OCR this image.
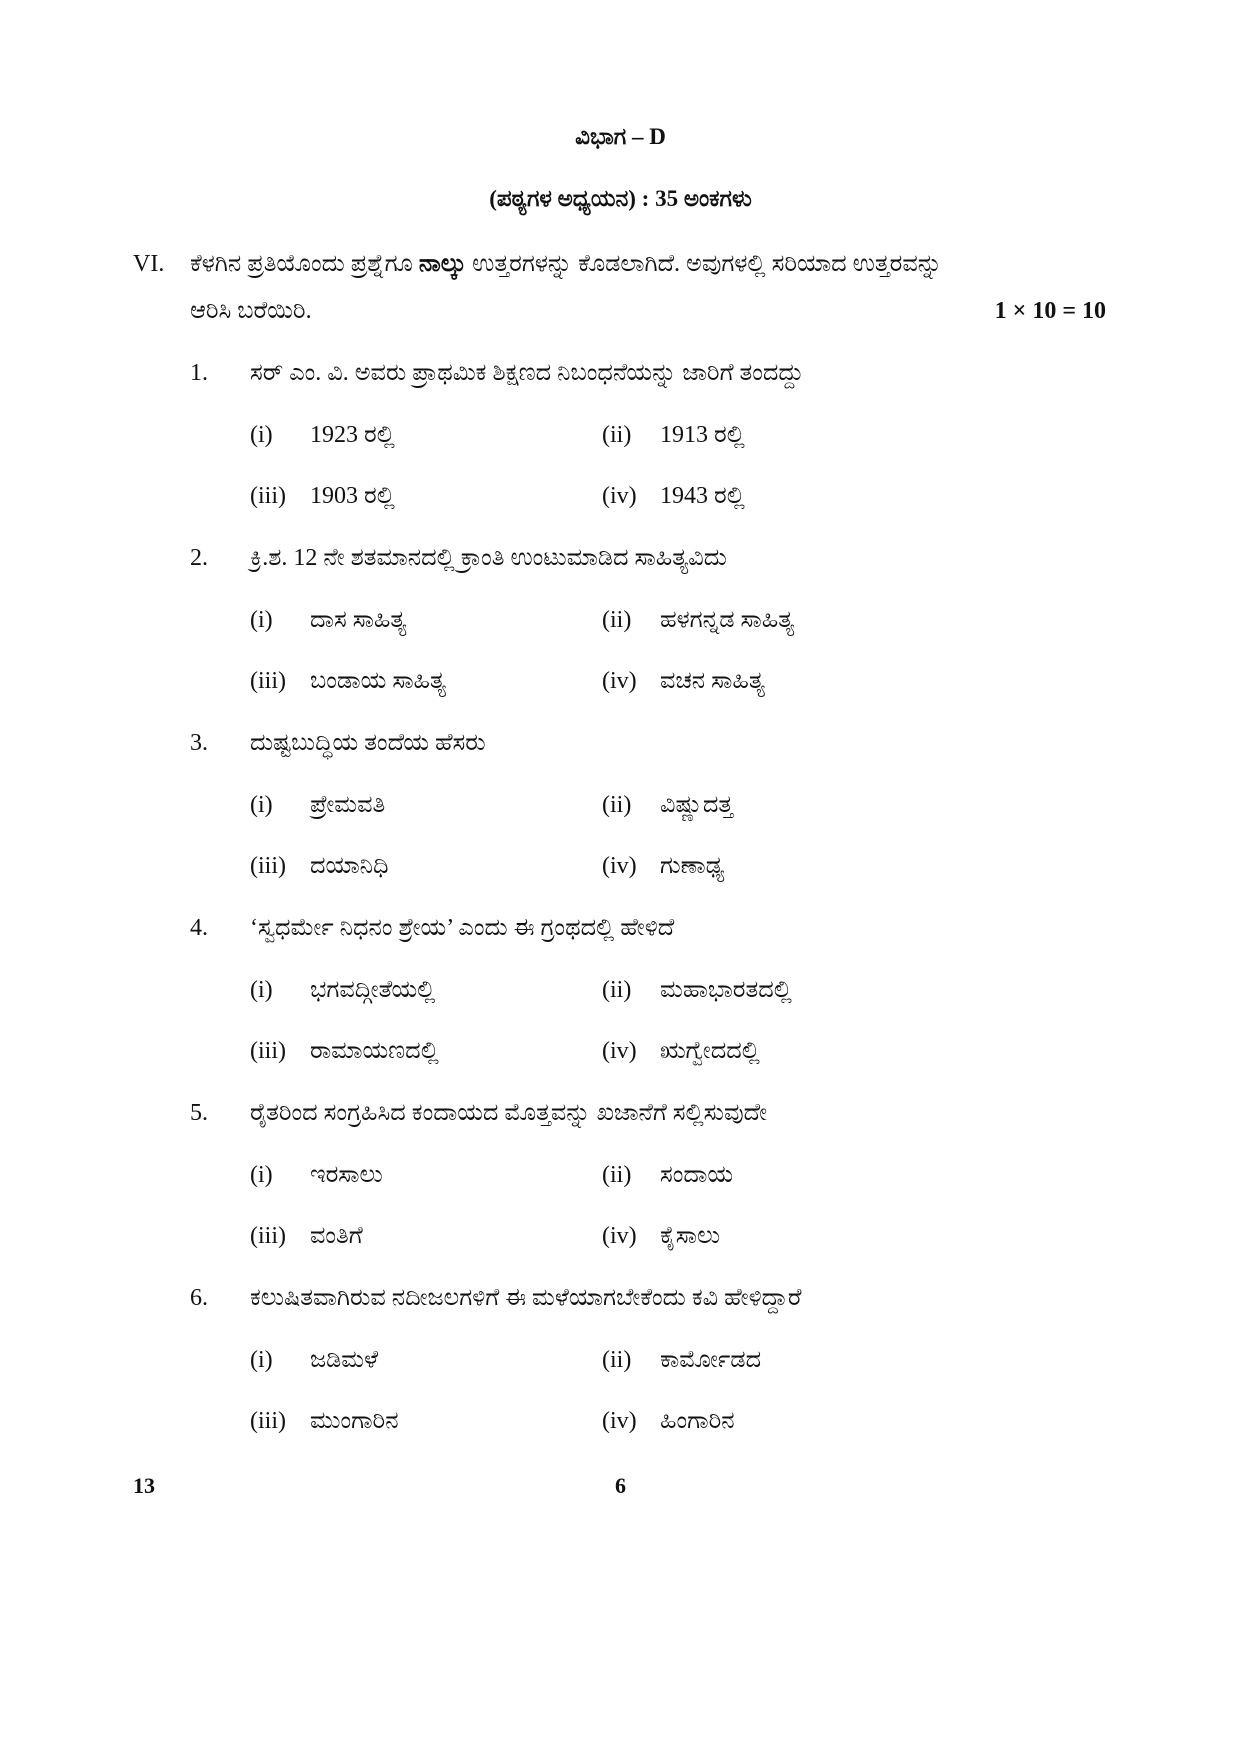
ವಿಭಾಗ – D
(ಪಠ್ಯಗಳ ಅಧ್ಯಯನ) : 35 ಅಂಕಗಳು
VI. ಕೆಳಗಿನ ಪ್ರತಿಯೊಂದು ಪ್ರಶ್ನೆಗೂ ನಾಲ್ಕು ಉತ್ತರಗಳನ್ನು ಕೊಡಲಾಗಿದೆ. ಅವುಗಳಲ್ಲಿ ಸರಿಯಾದ ಉತ್ತರವನ್ನು
ಆರಿಸಿ ಬರೆಯಿರಿ.	1 × 10 = 10
1.	ಸರ್ ಎಂ. ವಿ. ಅವರು ಪ್ರಾಥಮಿಕ ಶಿಕ್ಷಣದ ನಿಬಂಧನೆಯನ್ನು ಜಾರಿಗೆ ತಂದದ್ದು
(i) 1923 ರಲ್ಲಿ	(ii) 1913 ರಲ್ಲಿ
(iii) 1903 ರಲ್ಲಿ	(iv) 1943 ರಲ್ಲಿ
2.	ಕ್ರಿ.ಶ. 12 ನೇ ಶತಮಾನದಲ್ಲಿ ಕ್ರಾಂತಿ ಉಂಟುಮಾಡಿದ ಸಾಹಿತ್ಯವಿದು
(i) ದಾಸ ಸಾಹಿತ್ಯ	(ii) ಹಳಗನ್ನಡ ಸಾಹಿತ್ಯ
(iii) ಬಂಡಾಯ ಸಾಹಿತ್ಯ	(iv) ವಚನ ಸಾಹಿತ್ಯ
3.	ದುಷ್ಟಬುದ್ಧಿಯ ತಂದೆಯ ಹೆಸರು
(i) ಪ್ರೇಮವತಿ	(ii) ವಿಷ್ಣುದತ್ತ
(iii) ದಯಾನಿಧಿ	(iv) ಗುಣಾಢ್ಯ
4.	‘ಸ್ವಧರ್ಮೇ ನಿಧನಂ ಶ್ರೇಯ’ ಎಂದು ಈ ಗ್ರಂಥದಲ್ಲಿ ಹೇಳಿದೆ
(i) ಭಗವದ್ಗೀತೆಯಲ್ಲಿ	(ii) ಮಹಾಭಾರತದಲ್ಲಿ
(iii) ರಾಮಾಯಣದಲ್ಲಿ	(iv) ಋಗ್ವೇದದಲ್ಲಿ
5.	ರೈತರಿಂದ ಸಂಗ್ರಹಿಸಿದ ಕಂದಾಯದ ಮೊತ್ತವನ್ನು ಖಜಾನೆಗೆ ಸಲ್ಲಿಸುವುದೇ
(i) ಇರಸಾಲು	(ii) ಸಂದಾಯ
(iii) ವಂತಿಗೆ	(iv) ಕೈಸಾಲು
6.	ಕಲುಷಿತವಾಗಿರುವ ನದೀಜಲಗಳಿಗೆ ಈ ಮಳೆಯಾಗಬೇಕೆಂದು ಕವಿ ಹೇಳಿದ್ದಾರೆ
(i) ಜಡಿಮಳೆ	(ii) ಕಾರ್ಮೋಡದ
(iii) ಮುಂಗಾರಿನ	(iv) ಹಿಂಗಾರಿನ
13	6
